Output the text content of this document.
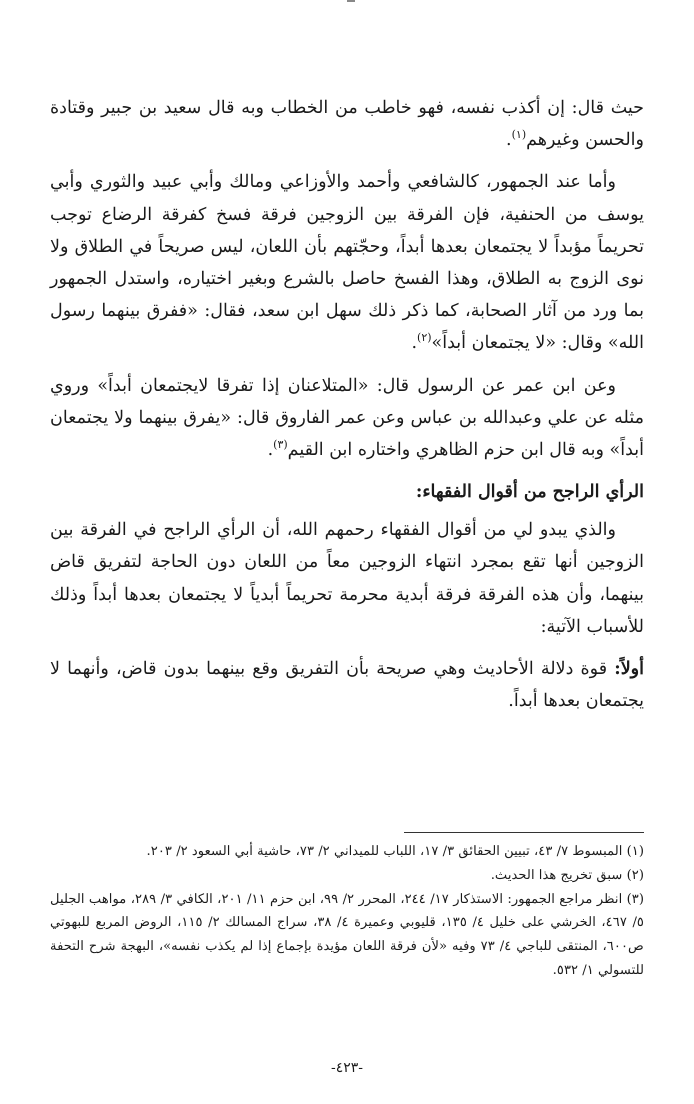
حيث قال: إن أكذب نفسه، فهو خاطب من الخطاب وبه قال سعيد بن جبير وقتادة والحسن وغيرهم$^{(١)}$.

وأما عند الجمهور، كالشافعي وأحمد والأوزاعي ومالك وأبي عبيد والثوري وأبي يوسف من الحنفية، فإن الفرقة بين الزوجين فرقة فسخ كفرقة الرضاع توجب تحريماً مؤبداً لا يجتمعان بعدها أبداً، وحجّتهم بأن اللعان، ليس صريحاً في الطلاق ولا نوى الزوج به الطلاق، وهذا الفسخ حاصل بالشرع وبغير اختياره، واستدل الجمهور بما ورد من آثار الصحابة، كما ذكر ذلك سهل ابن سعد، فقال: «ففرق بينهما رسول الله» وقال: «لا يجتمعان أبداً»$^{(٢)}$.

وعن ابن عمر عن الرسول قال: «المتلاعنان إذا تفرقا لايجتمعان أبداً» وروي مثله عن علي وعبدالله بن عباس وعن عمر الفاروق قال: «يفرق بينهما ولا يجتمعان أبداً» وبه قال ابن حزم الظاهري واختاره ابن القيم$^{(٣)}$.

الرأي الراجح من أقوال الفقهاء:

والذي يبدو لي من أقوال الفقهاء رحمهم الله، أن الرأي الراجح في الفرقة بين الزوجين أنها تقع بمجرد انتهاء الزوجين معاً من اللعان دون الحاجة لتفريق قاض بينهما، وأن هذه الفرقة فرقة أبدية محرمة تحريماً أبدياً لا يجتمعان بعدها أبداً وذلك للأسباب الآتية:

أولاً: قوة دلالة الأحاديث وهي صريحة بأن التفريق وقع بينهما بدون قاض، وأنهما لا يجتمعان بعدها أبداً.

(١) المبسوط ٧/ ٤٣، تبيين الحقائق ٣/ ١٧، اللباب للميداني ٢/ ٧٣، حاشية أبي السعود ٢/ ٢٠٣.

(٢) سبق تخريج هذا الحديث.

(٣) انظر مراجع الجمهور: الاستذكار ١٧/ ٢٤٤، المحرر ٢/ ٩٩، ابن حزم ١١/ ٢٠١، الكافي ٣/ ٢٨٩، مواهب الجليل ٥/ ٤٦٧، الخرشي على خليل ٤/ ١٣٥، قليوبي وعميرة ٤/ ٣٨، سراج المسالك ٢/ ١١٥، الروض المربع للبهوتي ص٦٠٠، المنتقى للباجي ٤/ ٧٣ وفيه «لأن فرقة اللعان مؤيدة بإجماع إذا لم يكذب نفسه»، البهجة شرح التحفة للتسولي ١/ ٥٣٢.

-٤٢٣-
